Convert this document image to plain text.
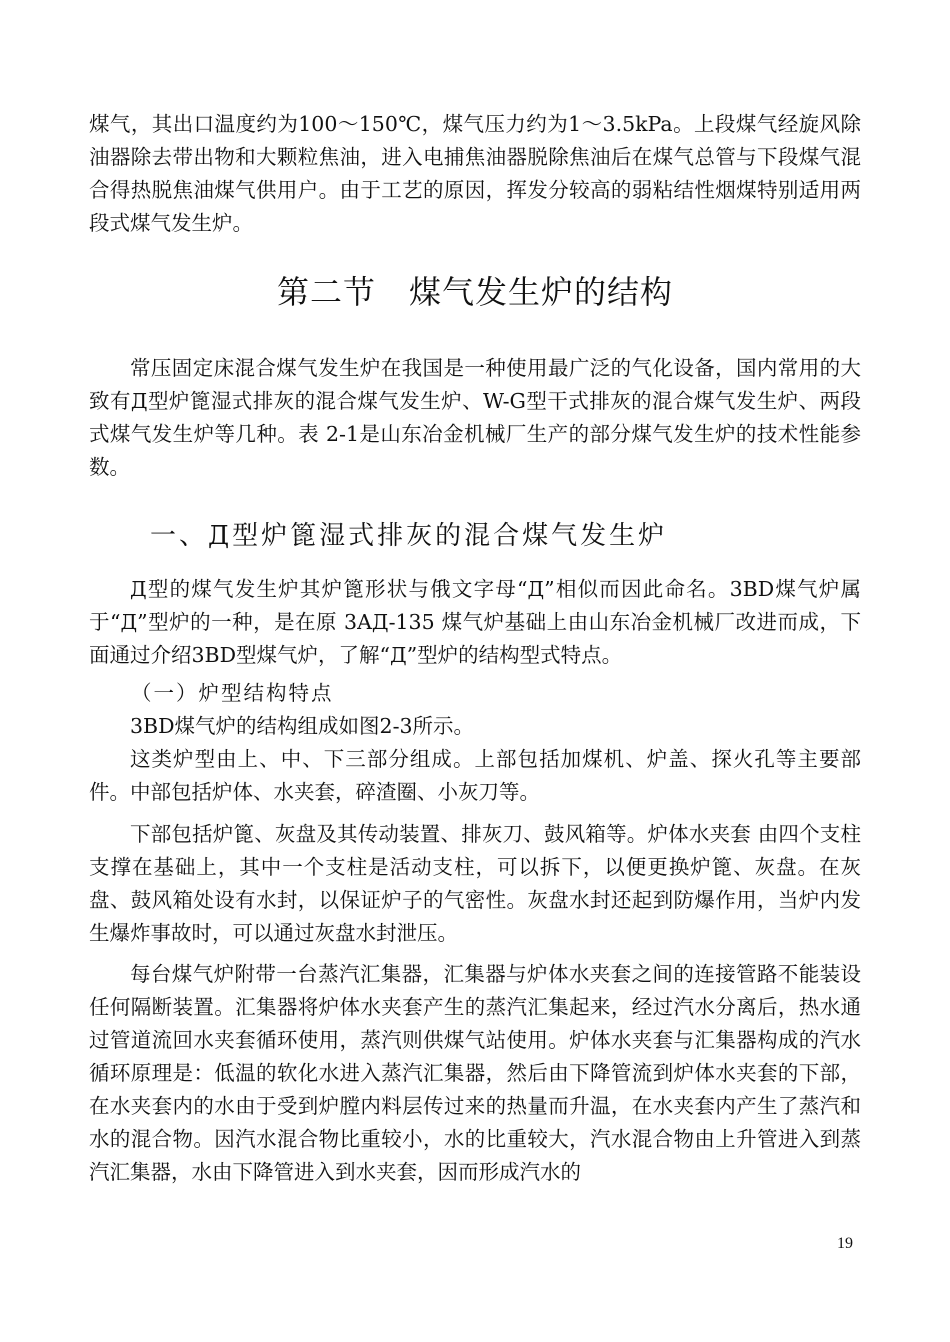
煤气，其出口温度约为100～150℃，煤气压力约为1～3.5kPa。上段煤气经旋风除油器除去带出物和大颗粒焦油，进入电捕焦油器脱除焦油后在煤气总管与下段煤气混合得热脱焦油煤气供用户。由于工艺的原因，挥发分较高的弱粘结性烟煤特别适用两段式煤气发生炉。

第二节　煤气发生炉的结构

常压固定床混合煤气发生炉在我国是一种使用最广泛的气化设备，国内常用的大致有Д型炉篦湿式排灰的混合煤气发生炉、W-G型干式排灰的混合煤气发生炉、两段式煤气发生炉等几种。表 2-1是山东冶金机械厂生产的部分煤气发生炉的技术性能参数。

一、Д型炉篦湿式排灰的混合煤气发生炉

Д型的煤气发生炉其炉篦形状与俄文字母“Д”相似而因此命名。3BD煤气炉属于“Д”型炉的一种，是在原 3AД-135 煤气炉基础上由山东冶金机械厂改进而成，下面通过介绍3BD型煤气炉，了解“Д”型炉的结构型式特点。

（一）炉型结构特点

3BD煤气炉的结构组成如图2-3所示。

这类炉型由上、中、下三部分组成。上部包括加煤机、炉盖、探火孔等主要部件。中部包括炉体、水夹套，碎渣圈、小灰刀等。

下部包括炉篦、灰盘及其传动装置、排灰刀、鼓风箱等。炉体水夹套 由四个支柱支撑在基础上，其中一个支柱是活动支柱，可以拆下，以便更换炉篦、灰盘。在灰盘、鼓风箱处设有水封，以保证炉子的气密性。灰盘水封还起到防爆作用，当炉内发生爆炸事故时，可以通过灰盘水封泄压。

每台煤气炉附带一台蒸汽汇集器，汇集器与炉体水夹套之间的连接管路不能装设任何隔断装置。汇集器将炉体水夹套产生的蒸汽汇集起来，经过汽水分离后，热水通过管道流回水夹套循环使用，蒸汽则供煤气站使用。炉体水夹套与汇集器构成的汽水循环原理是：低温的软化水进入蒸汽汇集器，然后由下降管流到炉体水夹套的下部，在水夹套内的水由于受到炉膛内料层传过来的热量而升温，在水夹套内产生了蒸汽和水的混合物。因汽水混合物比重较小，水的比重较大，汽水混合物由上升管进入到蒸汽汇集器，水由下降管进入到水夹套，因而形成汽水的

19
